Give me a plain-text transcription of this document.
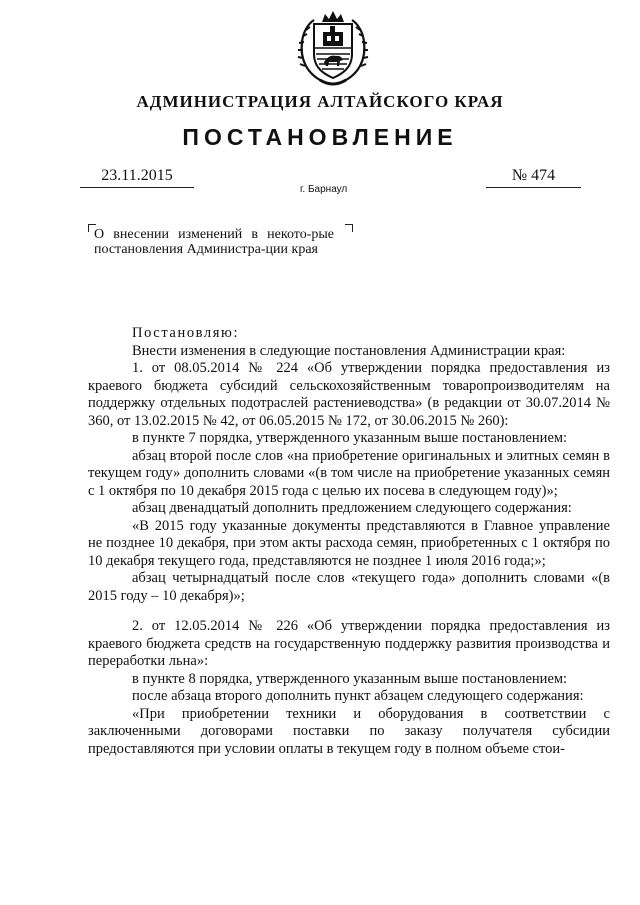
АДМИНИСТРАЦИЯ АЛТАЙСКОГО КРАЯ
ПОСТАНОВЛЕНИЕ
23.11.2015	№ 474
г. Барнаул
О внесении изменений в некото-рые постановления Администра-ции края

Постановляю:

Внести изменения в следующие постановления Администрации края:

1. от 08.05.2014 № 224 «Об утверждении порядка предоставления из краевого бюджета субсидий сельскохозяйственным товаропроизводителям на поддержку отдельных подотраслей растениеводства» (в редакции от 30.07.2014 № 360, от 13.02.2015 № 42, от 06.05.2015 № 172, от 30.06.2015 № 260):

в пункте 7 порядка, утвержденного указанным выше постановлением:

абзац второй после слов «на приобретение оригинальных и элитных семян в текущем году» дополнить словами «(в том числе на приобретение указанных семян с 1 октября по 10 декабря 2015 года с целью их посева в следующем году)»;

абзац двенадцатый дополнить предложением следующего содержания:

«В 2015 году указанные документы представляются в Главное управление не позднее 10 декабря, при этом акты расхода семян, приобретенных с 1 октября по 10 декабря текущего года, представляются не позднее 1 июля 2016 года;»;

абзац четырнадцатый после слов «текущего года» дополнить словами «(в 2015 году – 10 декабря)»;

2. от 12.05.2014 № 226 «Об утверждении порядка предоставления из краевого бюджета средств на государственную поддержку развития производства и переработки льна»:

в пункте 8 порядка, утвержденного указанным выше постановлением:

после абзаца второго дополнить пункт абзацем следующего содержания:

«При приобретении техники и оборудования в соответствии с заключенными договорами поставки по заказу получателя субсидии предоставляются при условии оплаты в текущем году в полном объеме стои-
